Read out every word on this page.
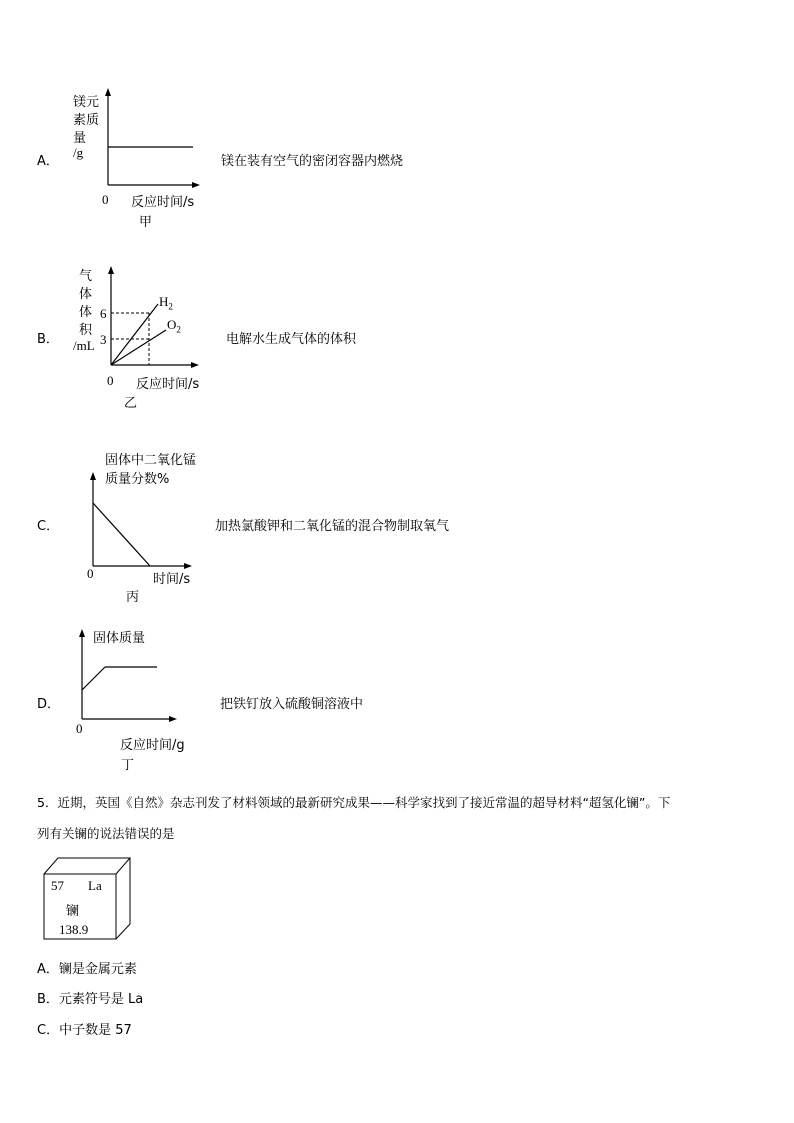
A．
镁元
素质
量
/g
0 反应时间/s
甲
镁在装有空气的密闭容器内燃烧
B．
气
体
体
积
/mL
6
3
$H_2$
$O_2$
0 反应时间/s
乙
电解水生成气体的体积
C．
固体中二氧化锰
质量分数%
0	时间/s
丙
加热氯酸钾和二氧化锰的混合物制取氧气
D．
固体质量
0
反应时间/g
丁
把铁钉放入硫酸铜溶液中
5．近期，英国《自然》杂志刊发了材料领域的最新研究成果——科学家找到了接近常温的超导材料“超氢化镧”。下
列有关镧的说法错误的是
57 La
镧
138.9
A．镧是金属元素
B．元素符号是 La
C．中子数是 57
